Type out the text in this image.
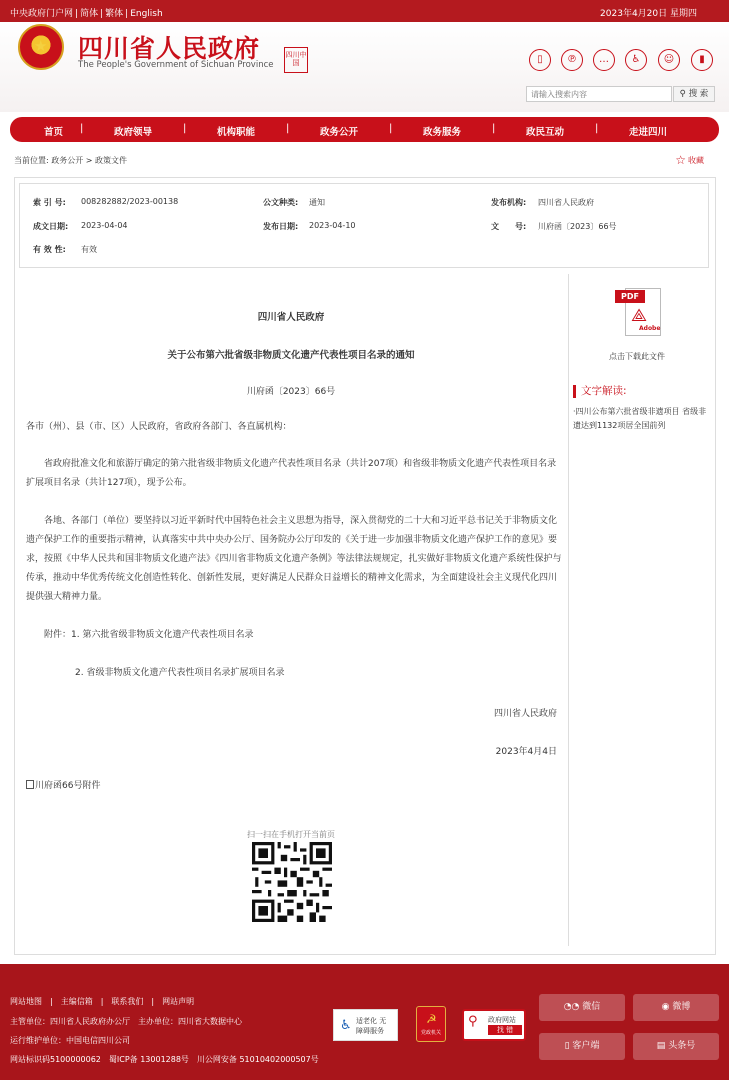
中央政府门户网 | 简体 | 繁体 | English	2023年4月20日 星期四
★ 四川省人民政府
The People's Government of Sichuan Province
四川中国	▯	℗	…	♿	☺	▮
请输入搜索内容
⚲ 搜 索
首页 |	政府领导	|	机构职能	|	政务公开	|	政务服务	|	政民互动	|	走进四川
当前位置: 政务公开 > 政策文件	☆ 收藏
索 引 号: 008282882/2023-00138	公文种类: 通知	发布机构: 四川省人民政府
成文日期: 2023-04-04	发布日期: 2023-04-10	文　　号: 川府函〔2023〕66号
有 效 性: 有效
四川省人民政府
关于公布第六批省级非物质文化遗产代表性项目名录的通知
川府函〔2023〕66号
各市（州）、县（市、区）人民政府，省政府各部门、各直属机构：
省政府批准文化和旅游厅确定的第六批省级非物质文化遗产代表性项目名录（共计207项）和省级非物质文化遗产代表性项目名录扩展项目名录（共计127项），现予公布。
各地、各部门（单位）要坚持以习近平新时代中国特色社会主义思想为指导，深入贯彻党的二十大和习近平总书记关于非物质文化遗产保护工作的重要指示精神，认真落实中共中央办公厅、国务院办公厅印发的《关于进一步加强非物质文化遗产保护工作的意见》要求，按照《中华人民共和国非物质文化遗产法》《四川省非物质文化遗产条例》等法律法规规定，扎实做好非物质文化遗产系统性保护与传承，推动中华优秀传统文化创造性转化、创新性发展，更好满足人民群众日益增长的精神文化需求，为全面建设社会主义现代化四川提供强大精神力量。
附件：1. 第六批省级非物质文化遗产代表性项目名录
2. 省级非物质文化遗产代表性项目名录扩展项目名录
四川省人民政府
2023年4月4日
川府函66号附件
扫一扫在手机打开当前页
PDF
⟁
Adobe
点击下载此文件
文字解读:
·四川公布第六批省级非遗项目 省级非遗达到1132项居全国前列
网站地图　|　主编信箱　|　联系我们　|　网站声明
主管单位：四川省人民政府办公厅　主办单位：四川省大数据中心
运行维护单位：中国电信四川公司
网站标识码5100000062　蜀ICP备 13001288号　川公网安备 51010402000507号
♿ 适老化 无障碍服务
☭
党政机关
⚲ 政府网站
找 错
◔◔ 微信	◉ 微博
▯ 客户端	▤ 头条号
